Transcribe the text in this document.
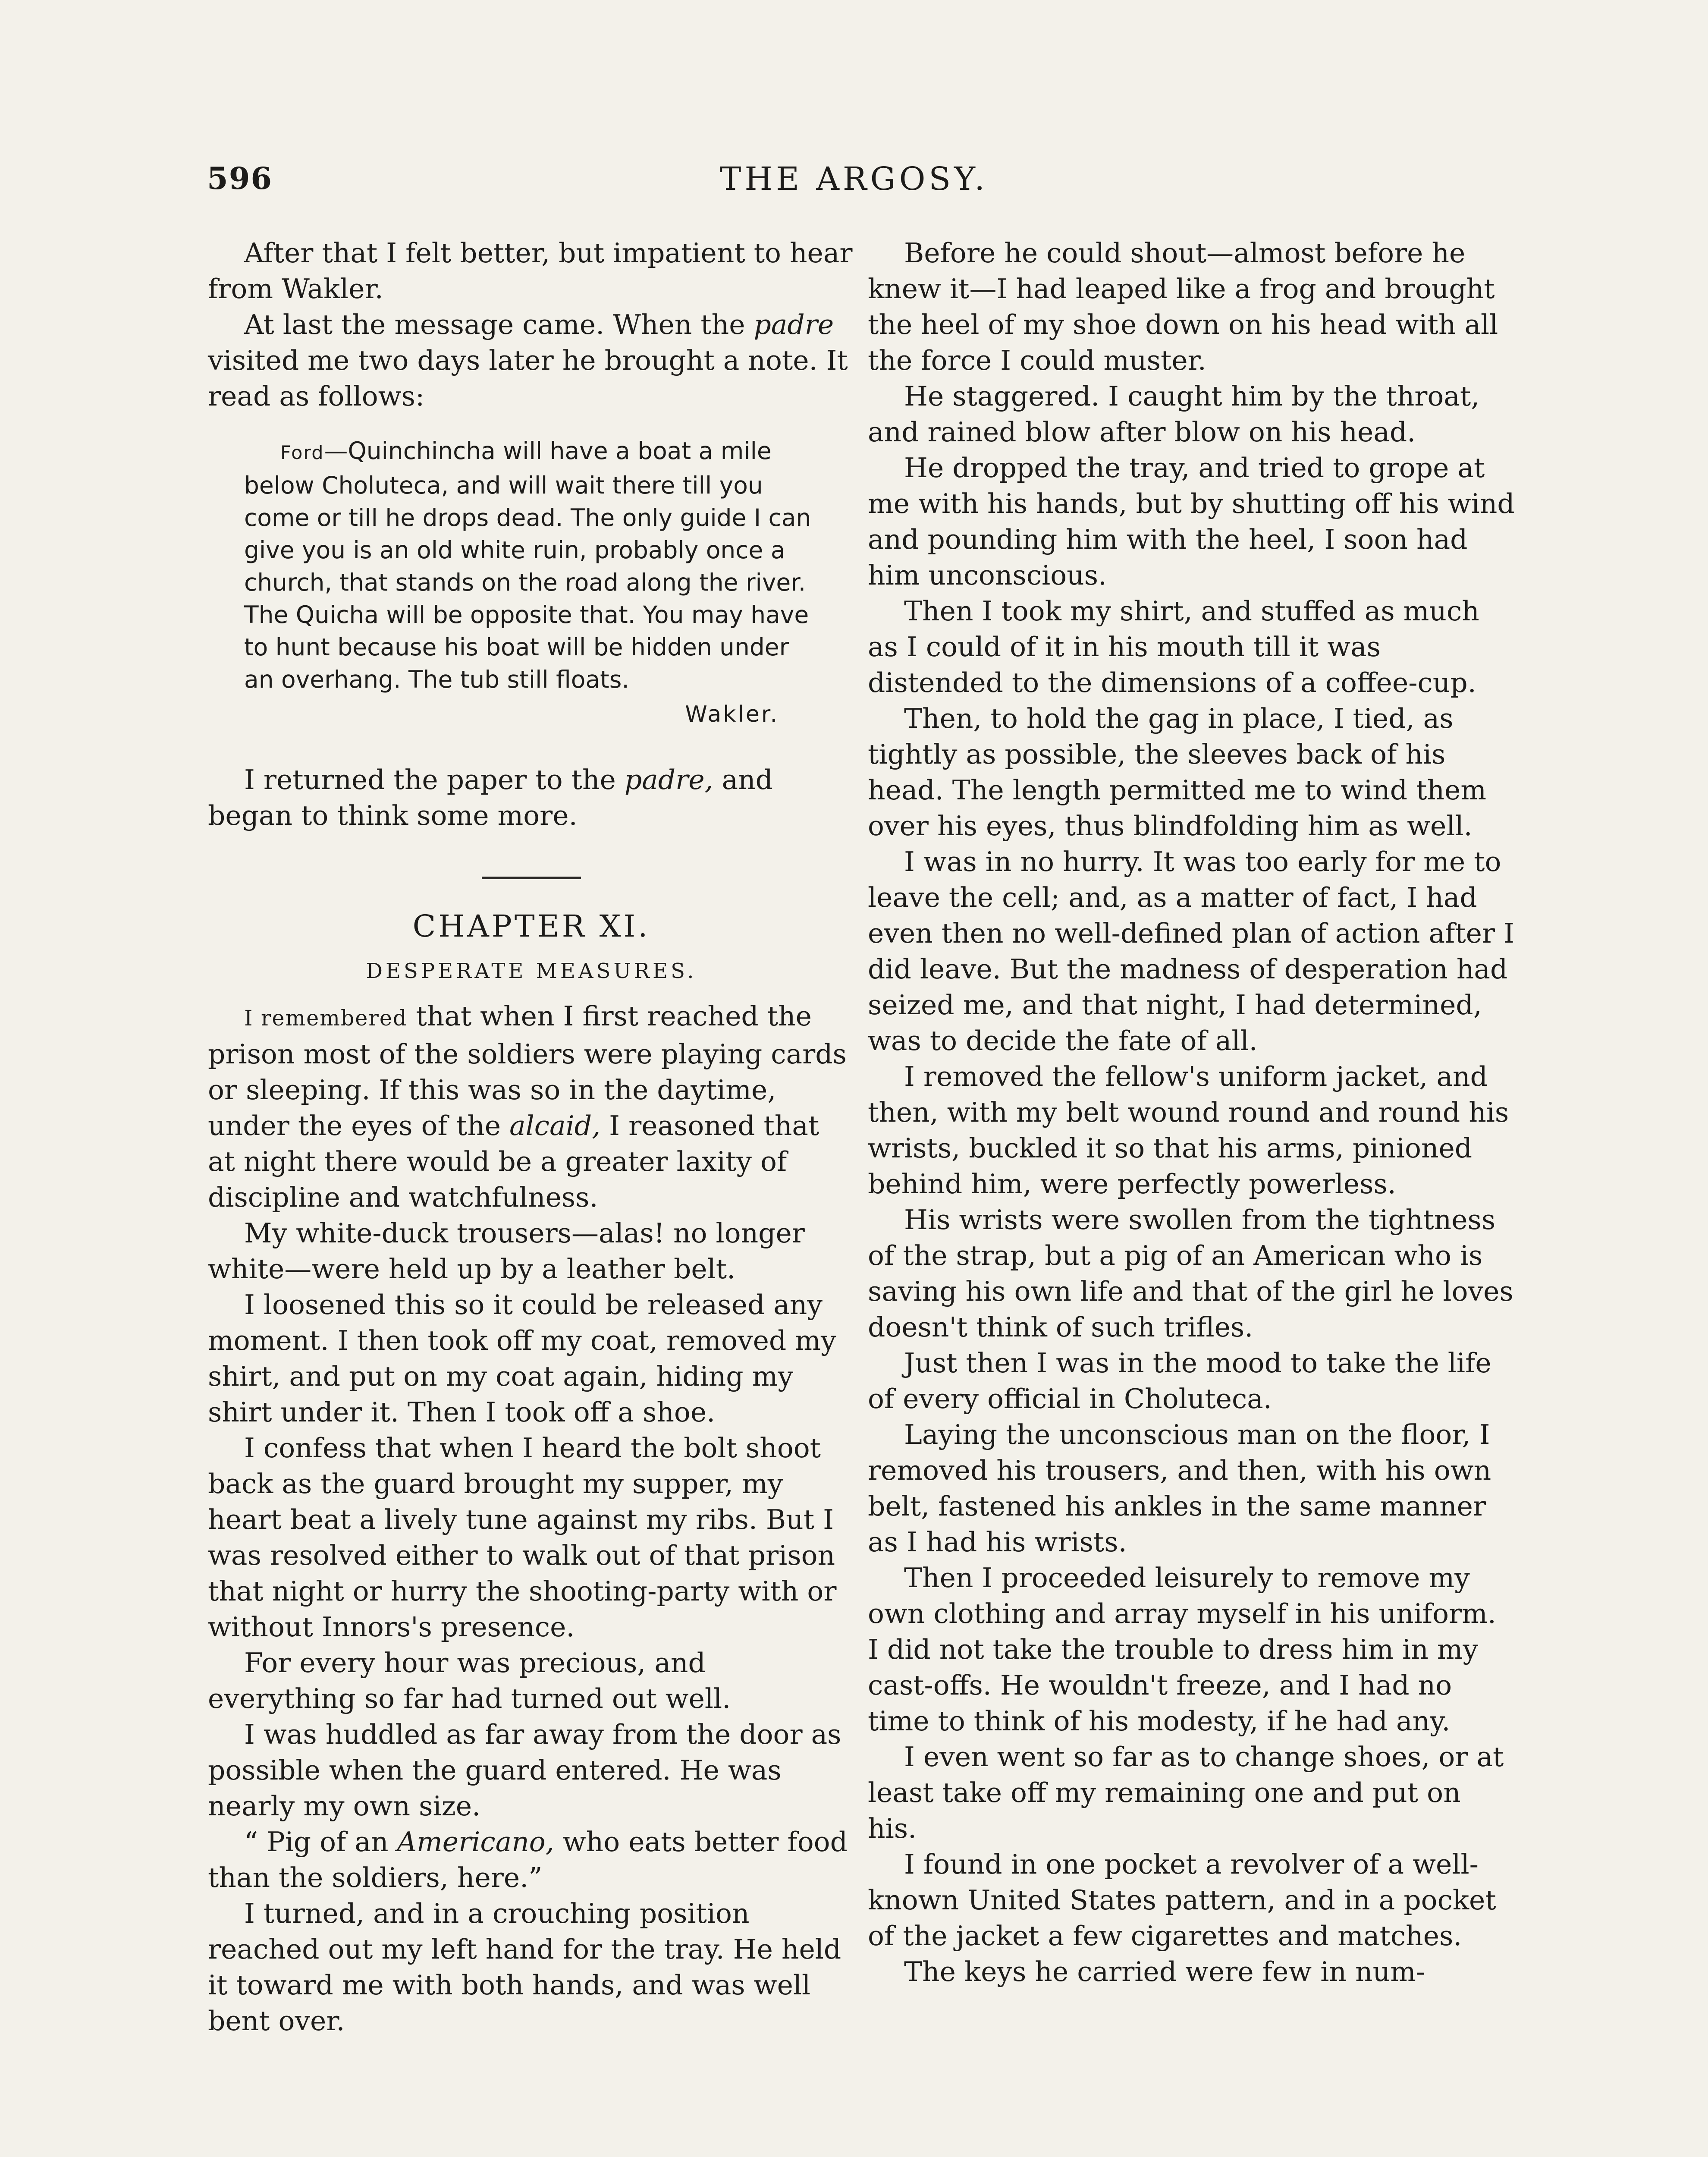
596	THE ARGOSY.

After that I felt better, but impatient to hear from Wakler.

At last the message came. When the padre visited me two days later he brought a note. It read as follows:

Ford—Quinchincha will have a boat a mile below Choluteca, and will wait there till you come or till he drops dead. The only guide I can give you is an old white ruin, probably once a church, that stands on the road along the river. The Quicha will be opposite that. You may have to hunt because his boat will be hidden under an overhang. The tub still floats.

Wakler.

I returned the paper to the padre, and began to think some more.

CHAPTER XI.
DESPERATE MEASURES.

I remembered that when I first reached the prison most of the soldiers were playing cards or sleeping. If this was so in the daytime, under the eyes of the alcaid, I reasoned that at night there would be a greater laxity of discipline and watchfulness.

My white-duck trousers—alas! no longer white—were held up by a leather belt.

I loosened this so it could be released any moment. I then took off my coat, removed my shirt, and put on my coat again, hiding my shirt under it. Then I took off a shoe.

I confess that when I heard the bolt shoot back as the guard brought my supper, my heart beat a lively tune against my ribs. But I was resolved either to walk out of that prison that night or hurry the shooting-party with or without Innors's presence.

For every hour was precious, and everything so far had turned out well.

I was huddled as far away from the door as possible when the guard entered. He was nearly my own size.

“ Pig of an Americano, who eats better food than the soldiers, here.”

I turned, and in a crouching position reached out my left hand for the tray. He held it toward me with both hands, and was well bent over.

Before he could shout—almost before he knew it—I had leaped like a frog and brought the heel of my shoe down on his head with all the force I could muster.

He staggered. I caught him by the throat, and rained blow after blow on his head.

He dropped the tray, and tried to grope at me with his hands, but by shutting off his wind and pounding him with the heel, I soon had him unconscious.

Then I took my shirt, and stuffed as much as I could of it in his mouth till it was distended to the dimensions of a coffee-cup.

Then, to hold the gag in place, I tied, as tightly as possible, the sleeves back of his head. The length permitted me to wind them over his eyes, thus blindfolding him as well.

I was in no hurry. It was too early for me to leave the cell; and, as a matter of fact, I had even then no well-defined plan of action after I did leave. But the madness of desperation had seized me, and that night, I had determined, was to decide the fate of all.

I removed the fellow's uniform jacket, and then, with my belt wound round and round his wrists, buckled it so that his arms, pinioned behind him, were perfectly powerless.

His wrists were swollen from the tightness of the strap, but a pig of an American who is saving his own life and that of the girl he loves doesn't think of such trifles.

Just then I was in the mood to take the life of every official in Choluteca.

Laying the unconscious man on the floor, I removed his trousers, and then, with his own belt, fastened his ankles in the same manner as I had his wrists.

Then I proceeded leisurely to remove my own clothing and array myself in his uniform. I did not take the trouble to dress him in my cast-offs. He wouldn't freeze, and I had no time to think of his modesty, if he had any.

I even went so far as to change shoes, or at least take off my remaining one and put on his.

I found in one pocket a revolver of a well-known United States pattern, and in a pocket of the jacket a few cigarettes and matches.

The keys he carried were few in num-
